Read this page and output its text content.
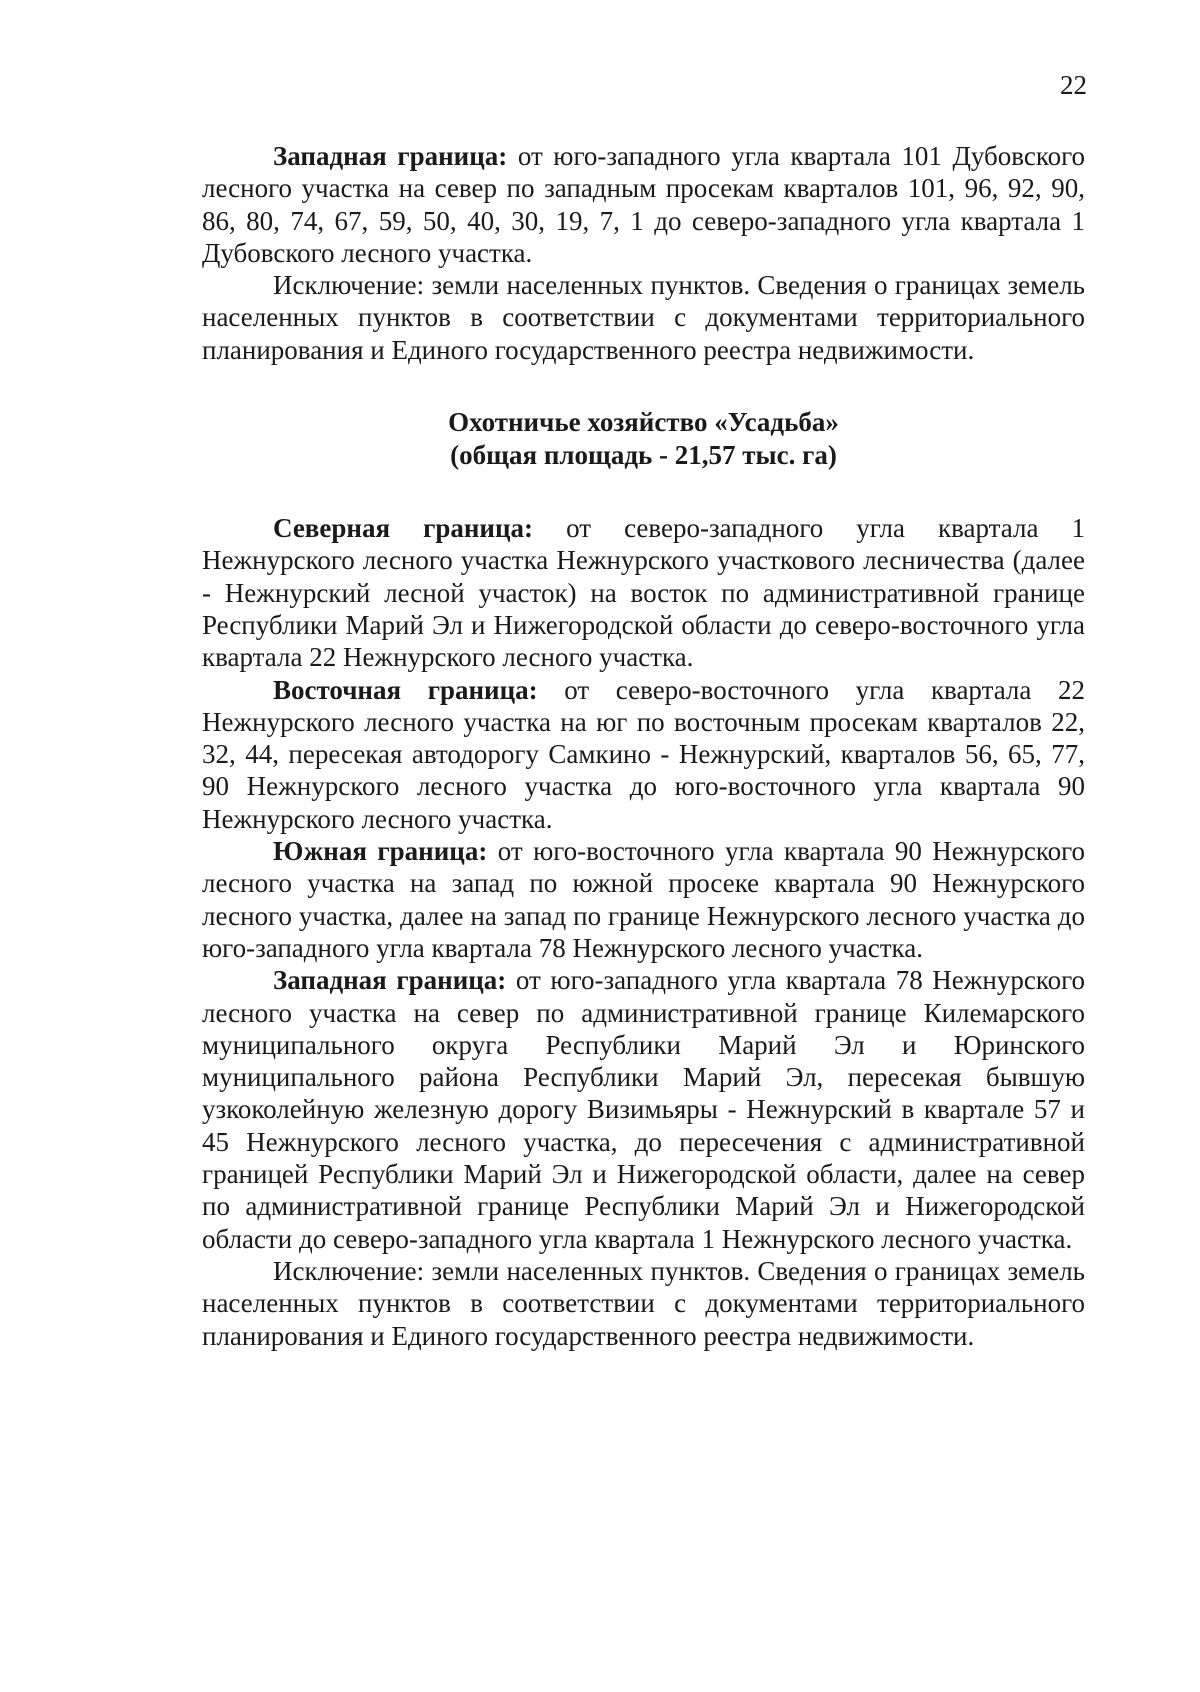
22

Западная граница: от юго-западного угла квартала 101 Дубовского лесного участка на север по западным просекам кварталов 101, 96, 92, 90, 86, 80, 74, 67, 59, 50, 40, 30, 19, 7, 1 до северо-западного угла квартала 1 Дубовского лесного участка.

Исключение: земли населенных пунктов. Сведения о границах земель населенных пунктов в соответствии с документами территориального планирования и Единого государственного реестра недвижимости.

Охотничье хозяйство «Усадьба»
(общая площадь - 21,57 тыс. га)

Северная граница: от северо-западного угла квартала 1 Нежнурского лесного участка Нежнурского участкового лесничества (далее - Нежнурский лесной участок) на восток по административной границе Республики Марий Эл и Нижегородской области до северо-восточного угла квартала 22 Нежнурского лесного участка.

Восточная граница: от северо-восточного угла квартала 22 Нежнурского лесного участка на юг по восточным просекам кварталов 22, 32, 44, пересекая автодорогу Самкино - Нежнурский, кварталов 56, 65, 77, 90 Нежнурского лесного участка до юго-восточного угла квартала 90 Нежнурского лесного участка.

Южная граница: от юго-восточного угла квартала 90 Нежнурского лесного участка на запад по южной просеке квартала 90 Нежнурского лесного участка, далее на запад по границе Нежнурского лесного участка до юго-западного угла квартала 78 Нежнурского лесного участка.

Западная граница: от юго-западного угла квартала 78 Нежнурского лесного участка на север по административной границе Килемарского муниципального округа Республики Марий Эл и Юринского муниципального района Республики Марий Эл, пересекая бывшую узкоколейную железную дорогу Визимьяры - Нежнурский в квартале 57 и 45 Нежнурского лесного участка, до пересечения с административной границей Республики Марий Эл и Нижегородской области, далее на север по административной границе Республики Марий Эл и Нижегородской области до северо-западного угла квартала 1 Нежнурского лесного участка.

Исключение: земли населенных пунктов. Сведения о границах земель населенных пунктов в соответствии с документами территориального планирования и Единого государственного реестра недвижимости.
